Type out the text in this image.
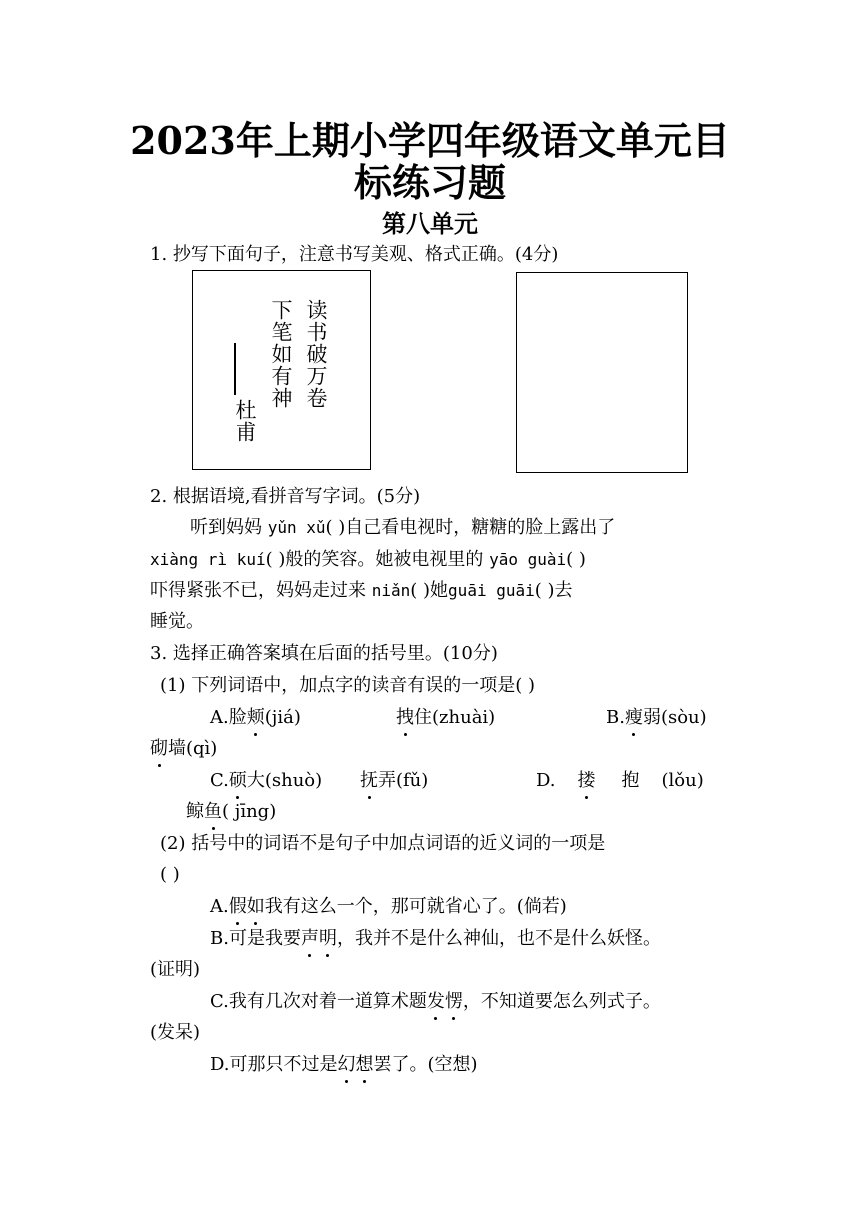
2023年上期小学四年级语文单元目
标练习题
第八单元
1. 抄写下面句子，注意书写美观、格式正确。(4分)
读书破万卷
下笔如有神
杜甫
2. 根据语境,看拼音写字词。(5分)
听到妈妈 yǔn xǔ( )自己看电视时，糖糖的脸上露出了
xiàng rì kuí( )般的笑容。她被电视里的 yāo guài( )
吓得紧张不已，妈妈走过来 niǎn( )她guāi guāi( )去
睡觉。
3. 选择正确答案填在后面的括号里。(10分)
(1) 下列词语中，加点字的读音有误的一项是( )
A.脸颊(jiá)	拽住(zhuài)	B.瘦弱(sòu)
砌墙(qì)
C.硕大(shuò) 抚弄(fǔ)	D. 搂 抱 (lǒu)
鲸鱼( jīng)
(2) 括号中的词语不是句子中加点词语的近义词的一项是
( )
A.假如我有这么一个，那可就省心了。(倘若)
B.可是我要声明，我并不是什么神仙，也不是什么妖怪。
(证明)
C.我有几次对着一道算术题发愣，不知道要怎么列式子。
(发呆)
D.可那只不过是幻想罢了。(空想)
